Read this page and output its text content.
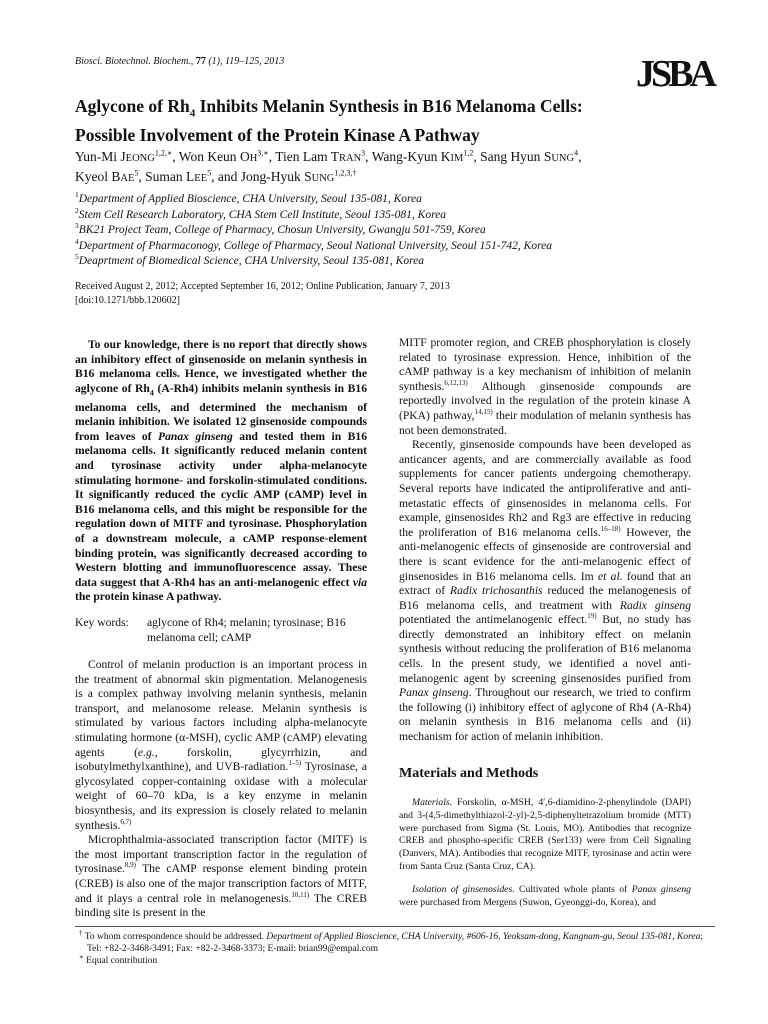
Biosci. Biotechnol. Biochem., 77 (1), 119–125, 2013	JSBA
Aglycone of $Rh_4$ Inhibits Melanin Synthesis in B16 Melanoma Cells:
Possible Involvement of the Protein Kinase A Pathway
Yun-Mi $JEONG^{1,2,∗}$, Won Keun $OH^{3,∗}$, Tien Lam TRAN$^3$, Wang-Kyun KIM$^{1,2}$, Sang Hyun SUNG$^4$,
Kyeol BAE$^5$, Suman LEE$^5$, and Jong-Hyuk $SUNG^{1,2,3,\dagger}$
$^1$Department of Applied Bioscience, CHA University, Seoul 135-081, Korea
$^2$Stem Cell Research Laboratory, CHA Stem Cell Institute, Seoul 135-081, Korea
$^3$BK21 Project Team, College of Pharmacy, Chosun University, Gwangju 501-759, Korea
$^4$Department of Pharmaconogy, College of Pharmacy, Seoul National University, Seoul 151-742, Korea
$^5$Deaprtment of Biomedical Science, CHA University, Seoul 135-081, Korea
Received August 2, 2012; Accepted September 16, 2012; Online Publication, January 7, 2013
[doi:10.1271/bbb.120602]

To our knowledge, there is no report that directly shows an inhibitory effect of ginsenoside on melanin synthesis in B16 melanoma cells. Hence, we investigated whether the aglycone of $Rh_4$ (A-Rh4) inhibits melanin synthesis in B16 melanoma cells, and determined the mechanism of melanin inhibition. We isolated 12 ginsenoside compounds from leaves of Panax ginseng and tested them in B16 melanoma cells. It significantly reduced melanin content and tyrosinase activity under alpha-melanocyte stimulating hormone- and forskolin-stimulated conditions. It significantly reduced the cyclic AMP (cAMP) level in B16 melanoma cells, and this might be responsible for the regulation down of MITF and tyrosinase. Phosphorylation of a downstream molecule, a cAMP response-element binding protein, was significantly decreased according to Western blotting and immunofluorescence assay. These data suggest that A-Rh4 has an anti-melanogenic effect via the protein kinase A pathway.

Key words:	aglycone of Rh4; melanin; tyrosinase; B16 melanoma cell; cAMP

Control of melanin production is an important process in the treatment of abnormal skin pigmentation. Melanogenesis is a complex pathway involving melanin synthesis, melanin transport, and melanosome release. Melanin synthesis is stimulated by various factors including alpha-melanocyte stimulating hormone (α-MSH), cyclic AMP (cAMP) elevating agents (e.g., forskolin, glycyrrhizin, and isobutylmethylxanthine), and UVB-radiation.$^{1-5)}$ Tyrosinase, a glycosylated copper-containing oxidase with a molecular weight of 60–70 kDa, is a key enzyme in melanin biosynthesis, and its expression is closely related to melanin synthesis.$^{6,7)}$

Microphthalmia-associated transcription factor (MITF) is the most important transcription factor in the regulation of tyrosinase.$^{8,9)}$ The cAMP response element binding protein (CREB) is also one of the major transcription factors of MITF, and it plays a central role in melanogenesis.$^{10,11)}$ The CREB binding site is present in the

MITF promoter region, and CREB phosphorylation is closely related to tyrosinase expression. Hence, inhibition of the cAMP pathway is a key mechanism of inhibition of melanin synthesis.$^{6,12,13)}$ Although ginsenoside compounds are reportedly involved in the regulation of the protein kinase A (PKA) pathway,$^{14,15)}$ their modulation of melanin synthesis has not been demonstrated.

Recently, ginsenoside compounds have been developed as anticancer agents, and are commercially available as food supplements for cancer patients undergoing chemotherapy. Several reports have indicated the antiproliferative and anti-metastatic effects of ginsenosides in melanoma cells. For example, ginsenosides Rh2 and Rg3 are effective in reducing the proliferation of B16 melanoma cells.$^{16-18)}$ However, the anti-melanogenic effects of ginsenoside are controversial and there is scant evidence for the anti-melanogenic effect of ginsenosides in B16 melanoma cells. Im et al. found that an extract of Radix trichosanthis reduced the melanogenesis of B16 melanoma cells, and treatment with Radix ginseng potentiated the antimelanogenic effect.$^{19)}$ But, no study has directly demonstrated an inhibitory effect on melanin synthesis without reducing the proliferation of B16 melanoma cells. In the present study, we identified a novel anti-melanogenic agent by screening ginsenosides purified from Panax ginseng. Throughout our research, we tried to confirm the following (i) inhibitory effect of aglycone of Rh4 (A-Rh4) on melanin synthesis in B16 melanoma cells and (ii) mechanism for action of melanin inhibition.

Materials and Methods

Materials. Forskolin, α-MSH, 4′,6-diamidino-2-phenylindole (DAPI) and 3-(4,5-dimethylthiazol-2-yl)-2,5-diphenyltetrazolium bromide (MTT) were purchased from Sigma (St. Louis, MO). Antibodies that recognize CREB and phospho-specific CREB (Ser133) were from Cell Signaling (Danvers, MA). Antibodies that recognize MITF, tyrosinase and actin were from Santa Cruz (Santa Cruz, CA).

Isolation of ginsenosides. Cultivated whole plants of Panax ginseng were purchased from Mergens (Suwon, Gyeonggi-do, Korea), and

† To whom correspondence should be addressed. Department of Applied Bioscience, CHA University, #606-16, Yeoksam-dong, Kangnam-gu, Seoul 135-081, Korea; Tel: +82-2-3468-3491; Fax: +82-2-3468-3373; E-mail: brian99@empal.com
∗ Equal contribution
